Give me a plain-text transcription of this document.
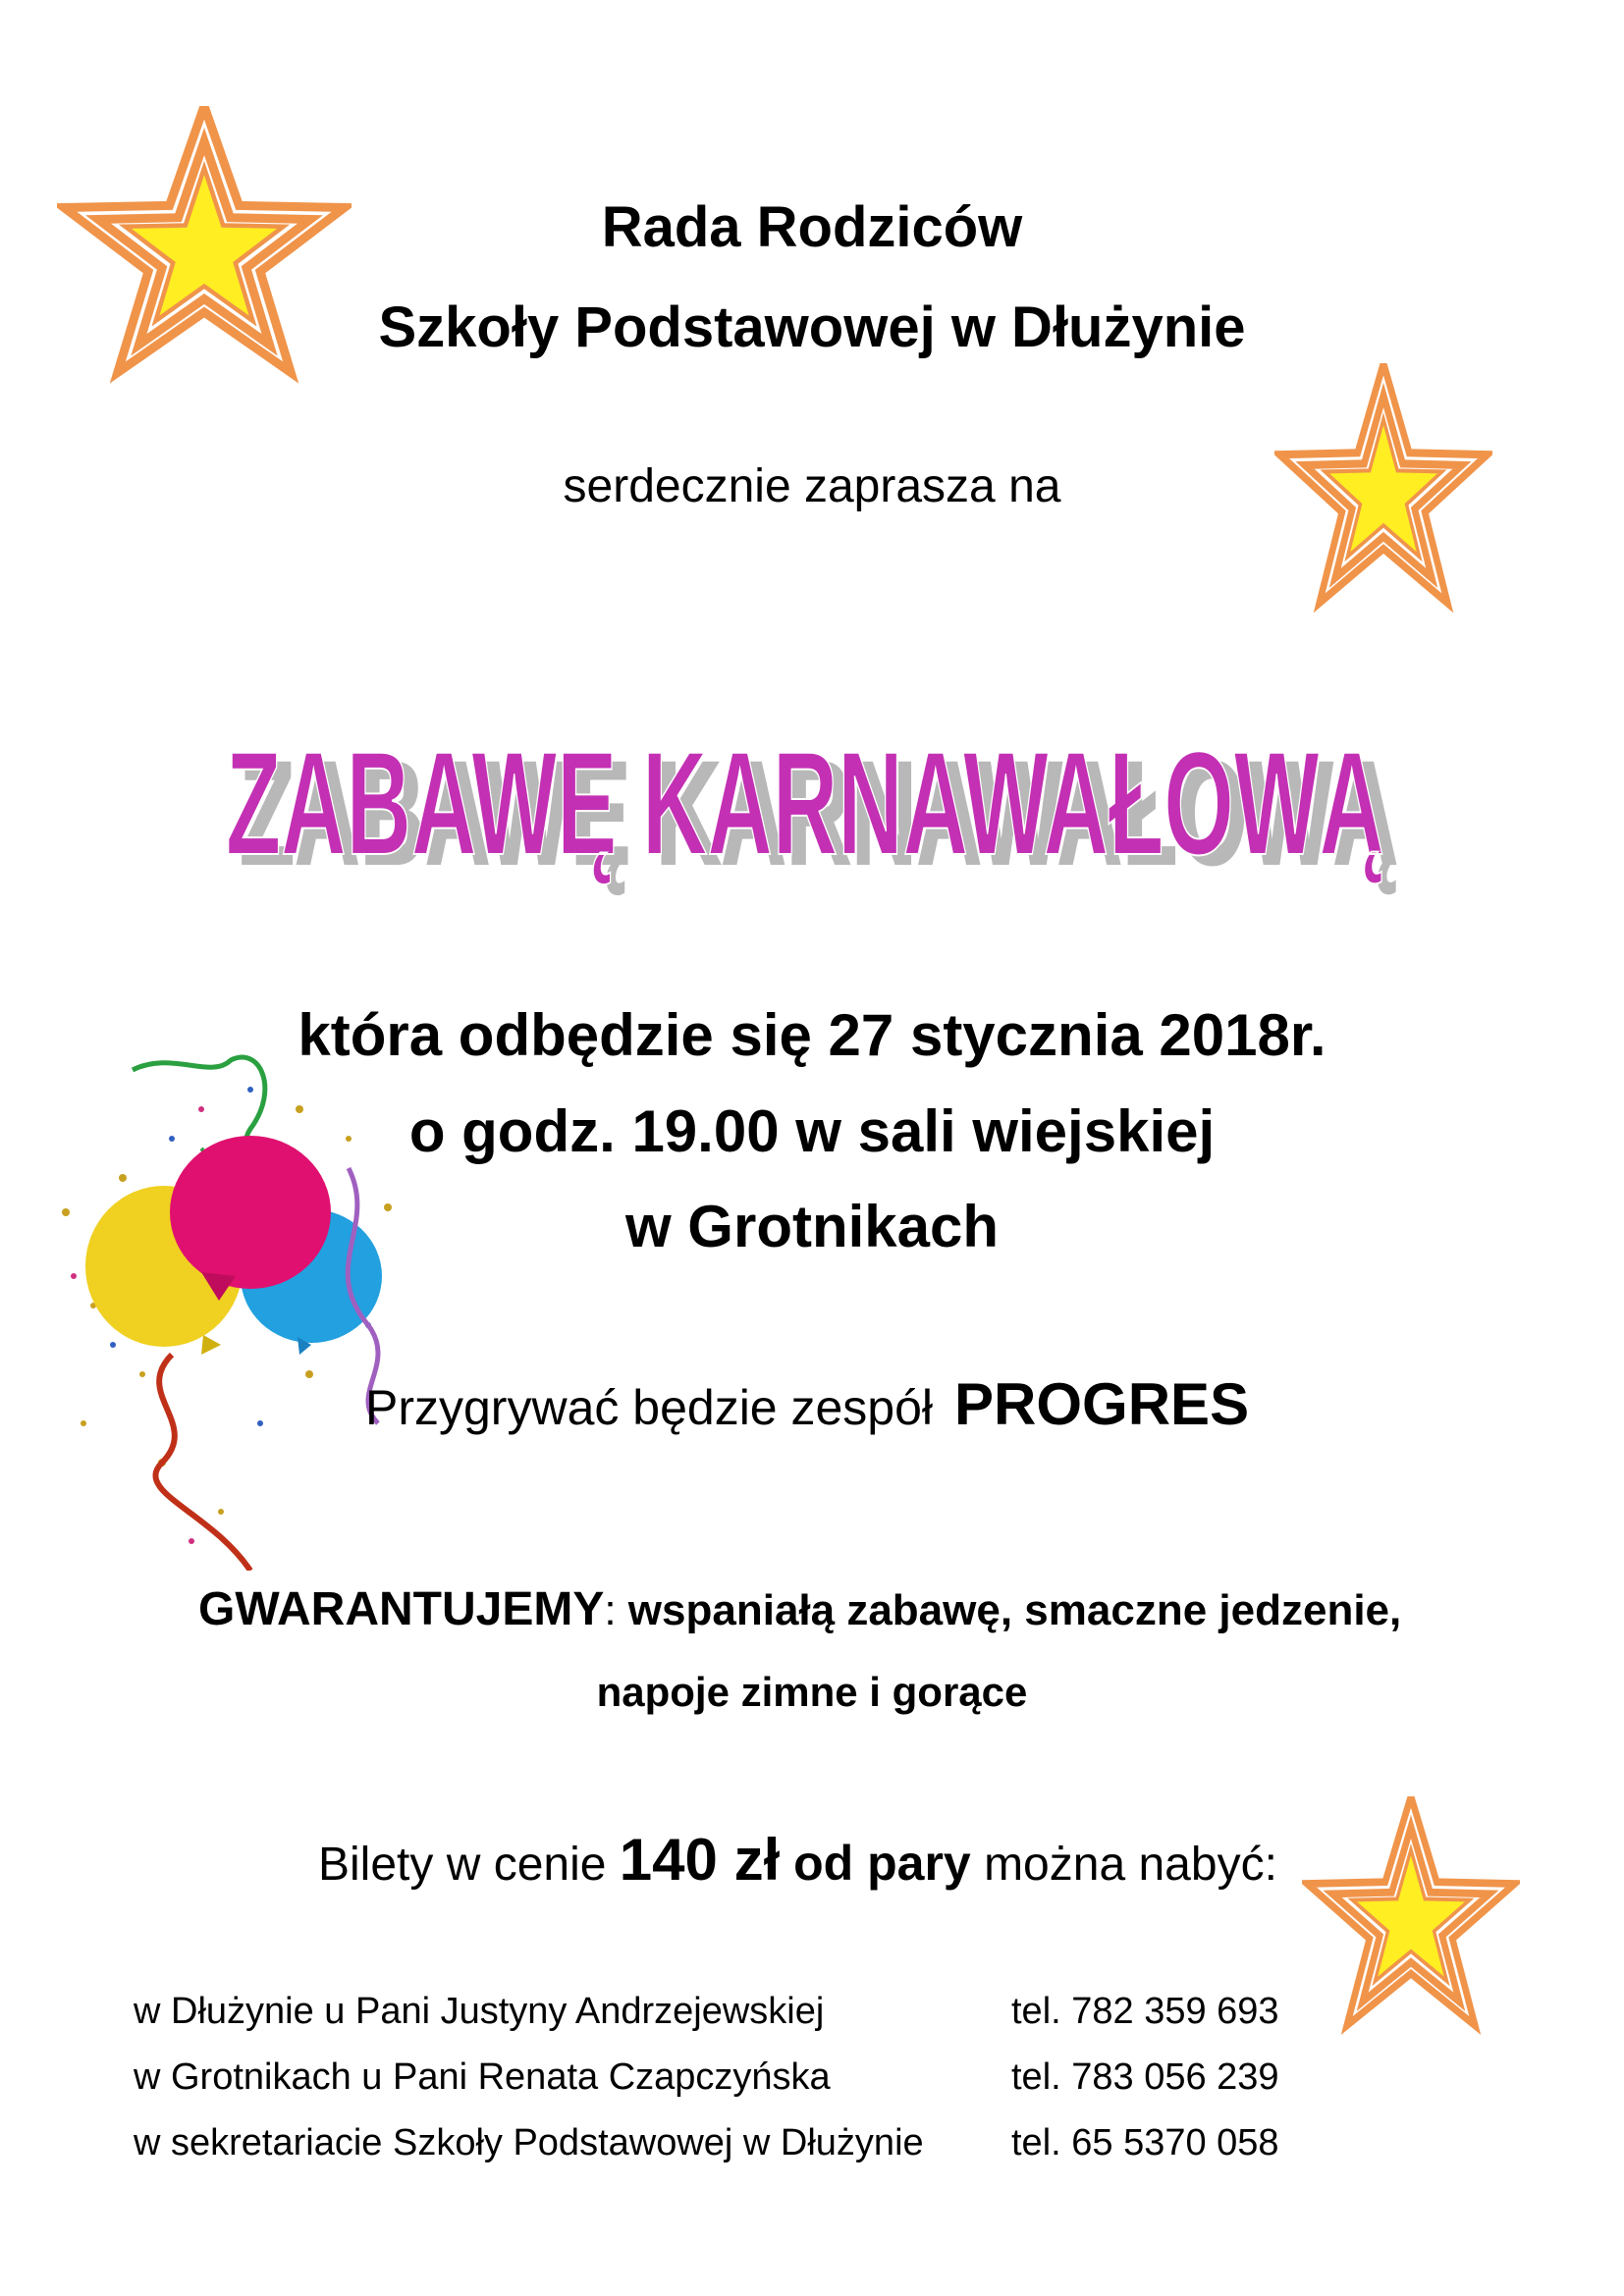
Rada Rodziców
Szkoły Podstawowej w Dłużynie
serdecznie zaprasza na
ZABAWĘ KARNAWAŁOWĄ
ZABAWĘ KARNAWAŁOWĄ
która odbędzie się 27 stycznia 2018r.
o godz. 19.00 w sali wiejskiej
w Grotnikach
Przygrywać będzie zespół PROGRES
GWARANTUJEMY: wspaniałą zabawę, smaczne jedzenie,
napoje zimne i gorące
Bilety w cenie 140 zł od pary można nabyć:
w Dłużynie u Pani Justyny Andrzejewskiej	tel. 782 359 693
w Grotnikach u Pani Renata Czapczyńska	tel. 783 056 239
w sekretariacie Szkoły Podstawowej w Dłużynie tel. 65 5370 058
